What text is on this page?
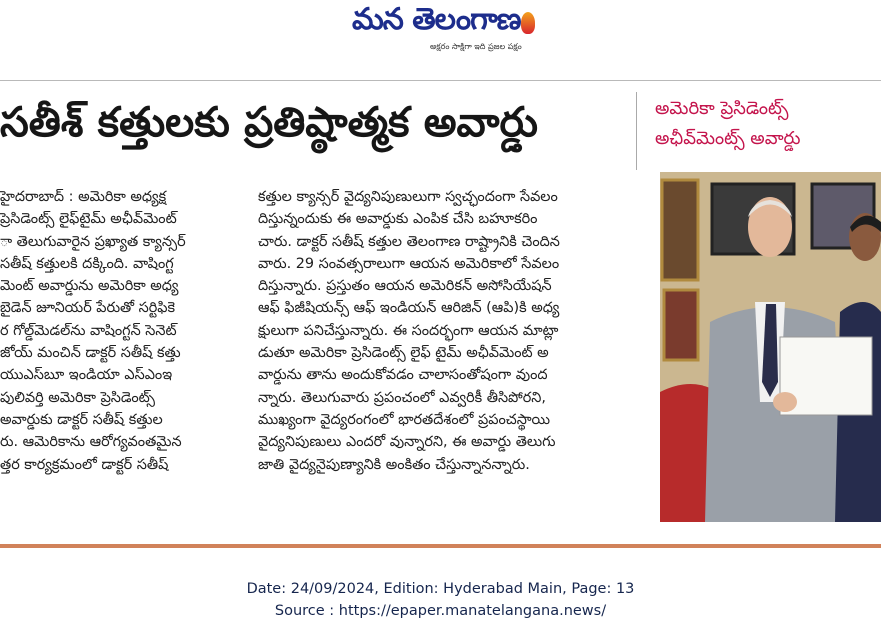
మన తెలంగాణ
అక్షరం సాక్షిగా ఇది ప్రజల పక్షం
సతీశ్ కత్తులకు ప్రతిష్ఠాత్మక అవార్డు	అమెరికా ప్రెసిడెంట్స్
అఛీవ్‌మెంట్స్ అవార్డు

హైదరాబాద్ : అమెరికా అధ్యక్ష

ప్రెసిడెంట్స్ లైఫ్‌టైమ్ అఛీవ్‌మెంట్

ా తెలుగువారైన ప్రఖ్యాత క్యాన్సర్

సతీష్ కత్తులకి దక్కింది. వాషింగ్ట

మెంట్ అవార్డును అమెరికా అధ్య

బైడెన్ జూనియర్ పేరుతో సర్టిఫికె

ర గోల్డ్‌మెడల్‌ను వాషింగ్టన్ సెనెట్

జోయ్ మంచిన్ డాక్టర్ సతీష్ కత్తు

యుఎస్‌బూ ఇండియా ఎస్‌ఎంఇ

పులివర్తి అమెరికా ప్రెసిడెంట్స్

అవార్డుకు డాక్టర్ సతీష్ కత్తుల

రు. ఆమెరికాను ఆరోగ్యవంతమైన

త్తర కార్యక్రమంలో డాక్టర్ సతీష్

కత్తుల క్యాన్సర్ వైద్యనిపుణులుగా స్వచ్ఛందంగా సేవలం

దిస్తున్నందుకు ఈ అవార్డుకు ఎంపిక చేసి బహూకరిం

చారు. డాక్టర్ సతీష్ కత్తుల తెలంగాణ రాష్ట్రానికి చెందిన

వారు. 29 సంవత్సరాలుగా ఆయన అమెరికాలో సేవలం

దిస్తున్నారు. ప్రస్తుతం ఆయన అమెరికన్ అసోసియేషన్

ఆఫ్ ఫిజీషియన్స్ ఆఫ్ ఇండియన్ ఆరిజిన్ (ఆపి)కి అధ్య

క్షులుగా పనిచేస్తున్నారు. ఈ సందర్భంగా ఆయన మాట్లా

డుతూ అమెరికా ప్రెసిడెంట్స్ లైఫ్ టైమ్ అఛీవ్‌మెంట్ అ

వార్డును తాను అందుకోవడం చాలాసంతోషంగా వుంద

న్నారు. తెలుగువారు ప్రపంచంలో ఎవ్వరికీ తీసిపోరని,

ముఖ్యంగా వైద్యరంగంలో భారతదేశంలో ప్రపంచస్థాయి

వైద్యనిపుణులు ఎందరో వున్నారని, ఈ అవార్డు తెలుగు

జాతి వైద్యనైపుణ్యానికి అంకితం చేస్తున్నానన్నారు.

Date: 24/09/2024, Edition: Hyderabad Main, Page: 13
Source : https://epaper.manatelangana.news/
